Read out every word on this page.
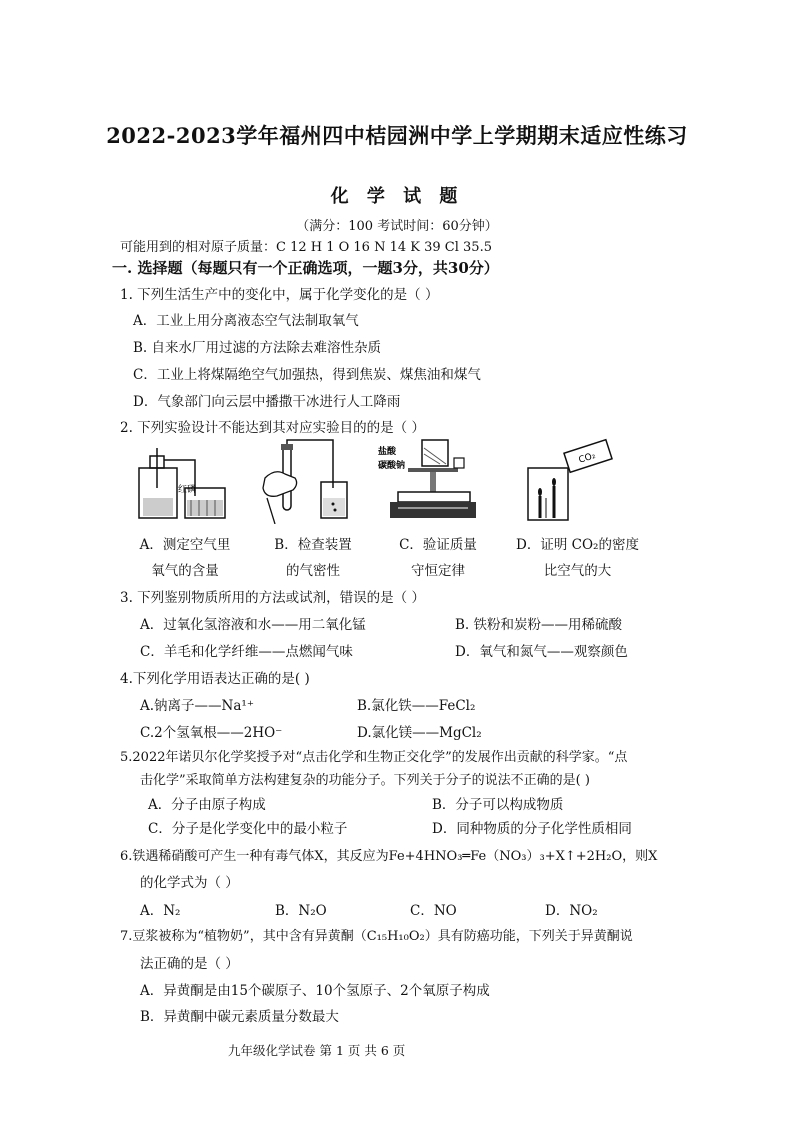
2022-2023学年福州四中桔园洲中学上学期期末适应性练习
化 学 试 题
（满分：100 考试时间：60分钟）
可能用到的相对原子质量：C 12 H 1 O 16 N 14 K 39 Cl 35.5
一. 选择题（每题只有一个正确选项，一题3分，共30分）
1. 下列生活生产中的变化中，属于化学变化的是（ ）
A．工业上用分离液态空气法制取氧气
B. 自来水厂用过滤的方法除去难溶性杂质
C．工业上将煤隔绝空气加强热，得到焦炭、煤焦油和煤气
D．气象部门向云层中播撒干冰进行人工降雨
2. 下列实验设计不能达到其对应实验目的的是（ ）
红磷
盐酸
碳酸钠
CO₂
A．测定空气里
氧气的含量
B．检查装置
的气密性
C．验证质量
守恒定律
D．证明 CO₂的密度
比空气的大
3. 下列鉴别物质所用的方法或试剂，错误的是（ ）
A．过氧化氢溶液和水——用二氧化锰	B. 铁粉和炭粉——用稀硫酸
C．羊毛和化学纤维——点燃闻气味	D．氧气和氮气——观察颜色
4.下列化学用语表达正确的是( )
A.钠离子——Na¹⁺	B.氯化铁——FeCl₂
C.2个氢氧根——2HO⁻	D.氯化镁——MgCl₂
5.2022年诺贝尔化学奖授予对“点击化学和生物正交化学”的发展作出贡献的科学家。“点
击化学”采取简单方法构建复杂的功能分子。下列关于分子的说法不正确的是( )
A．分子由原子构成	B．分子可以构成物质
C．分子是化学变化中的最小粒子	D．同种物质的分子化学性质相同
6.铁遇稀硝酸可产生一种有毒气体X，其反应为Fe+4HNO₃═Fe（NO₃）₃+X↑+2H₂O，则X
的化学式为（ ）
A．N₂	B．N₂O	C．NO	D．NO₂
7.豆浆被称为“植物奶”，其中含有异黄酮（C₁₅H₁₀O₂）具有防癌功能，下列关于异黄酮说
法正确的是（ ）
A．异黄酮是由15个碳原子、10个氢原子、2个氧原子构成
B．异黄酮中碳元素质量分数最大
九年级化学试卷 第 1 页 共 6 页
